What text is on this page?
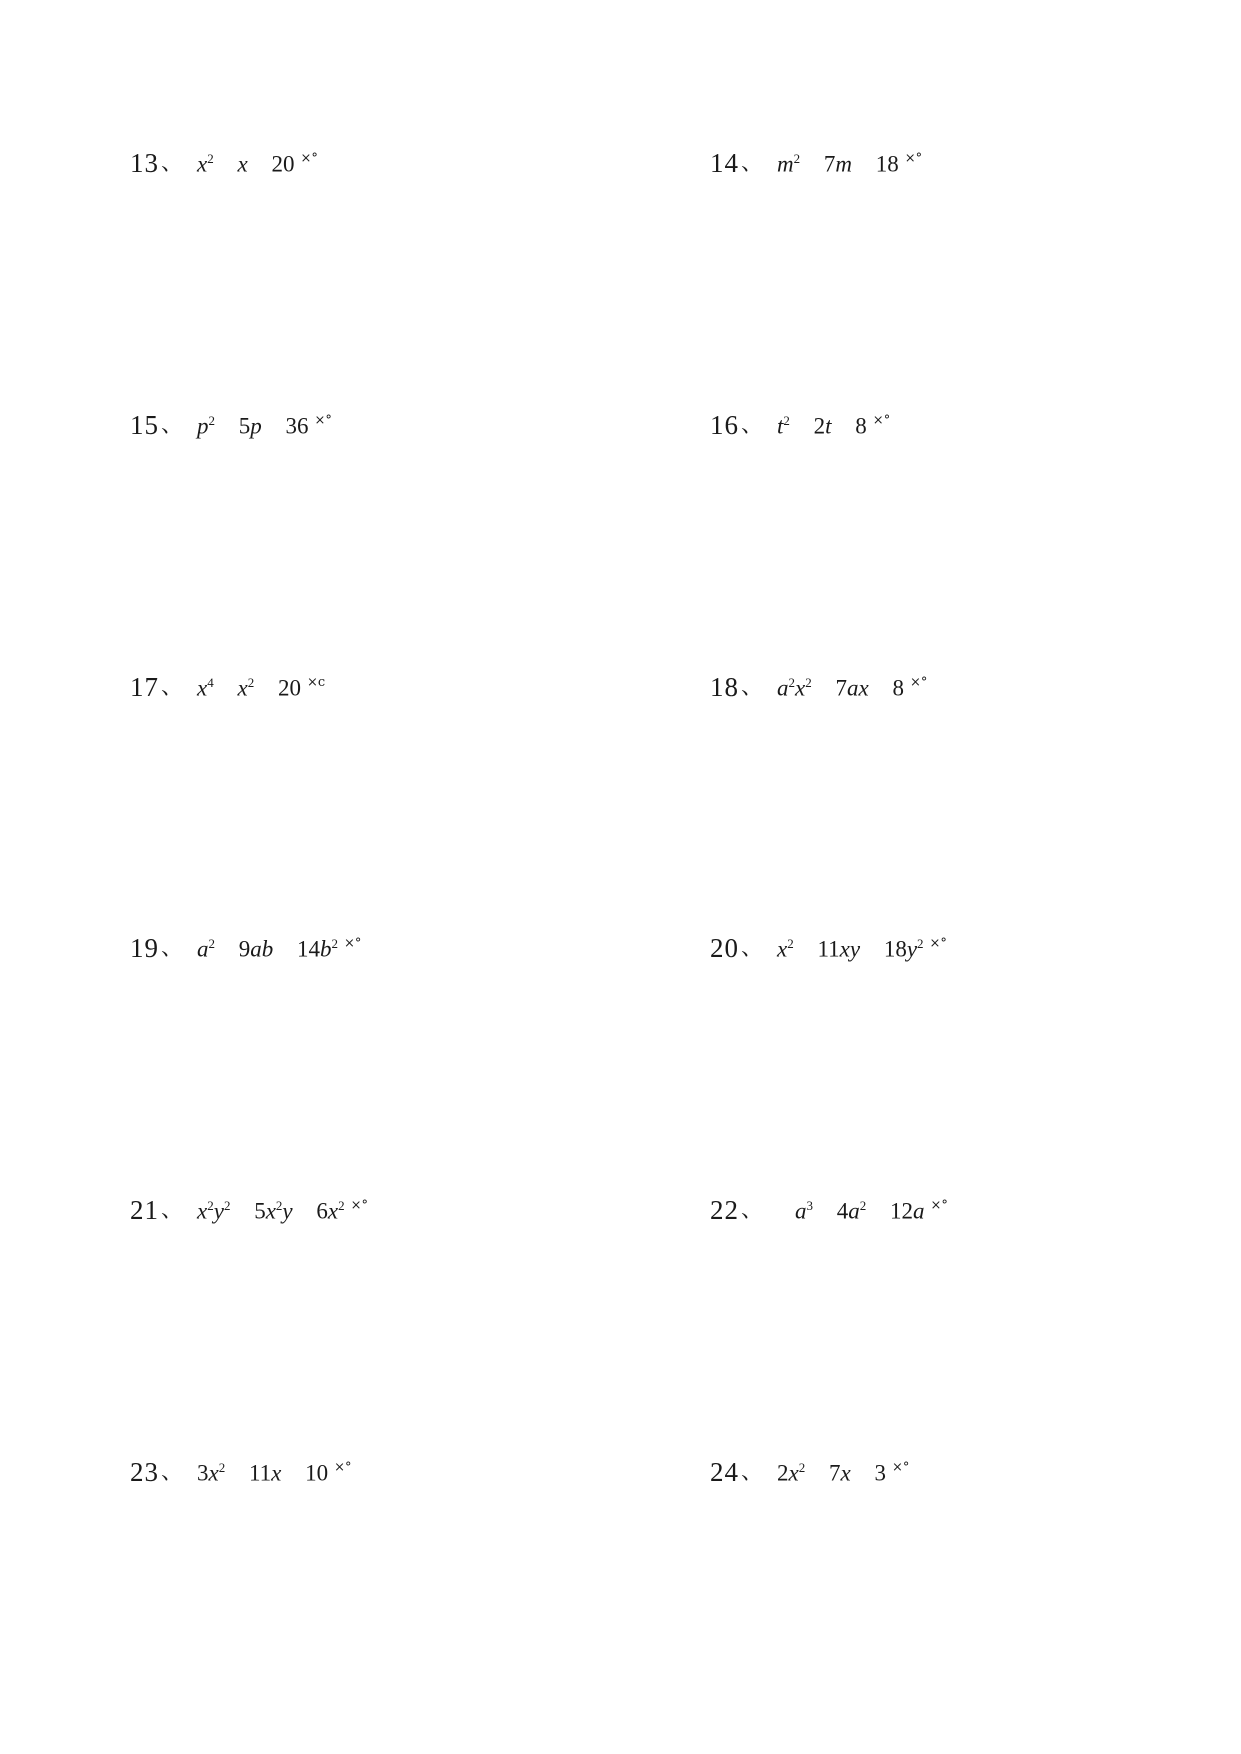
13 、 $x^2$ x 20 ×°	14 、 $m^2$ 7m 18 ×°
15 、 $p^2$ 5p 36 ×°	16 、 $t^2$ 2t 8 ×°
17 、 $x^4$ $x^2$ 20 ×c	18 、 $a^2x^2$ 7ax 8 ×°
19 、 $a^2$ 9ab $14b^2$ ×°	20 、 $x^2$ 11xy $18y^2$ ×°
21 、 $x^2y^2$ $5x^2y$ $6x^2$ ×°	22 、	$a^3$ $4a^2$ 12a ×°
23 、 $3x^2$ 11x 10 ×°	24 、 $2x^2$ 7x 3 ×°
